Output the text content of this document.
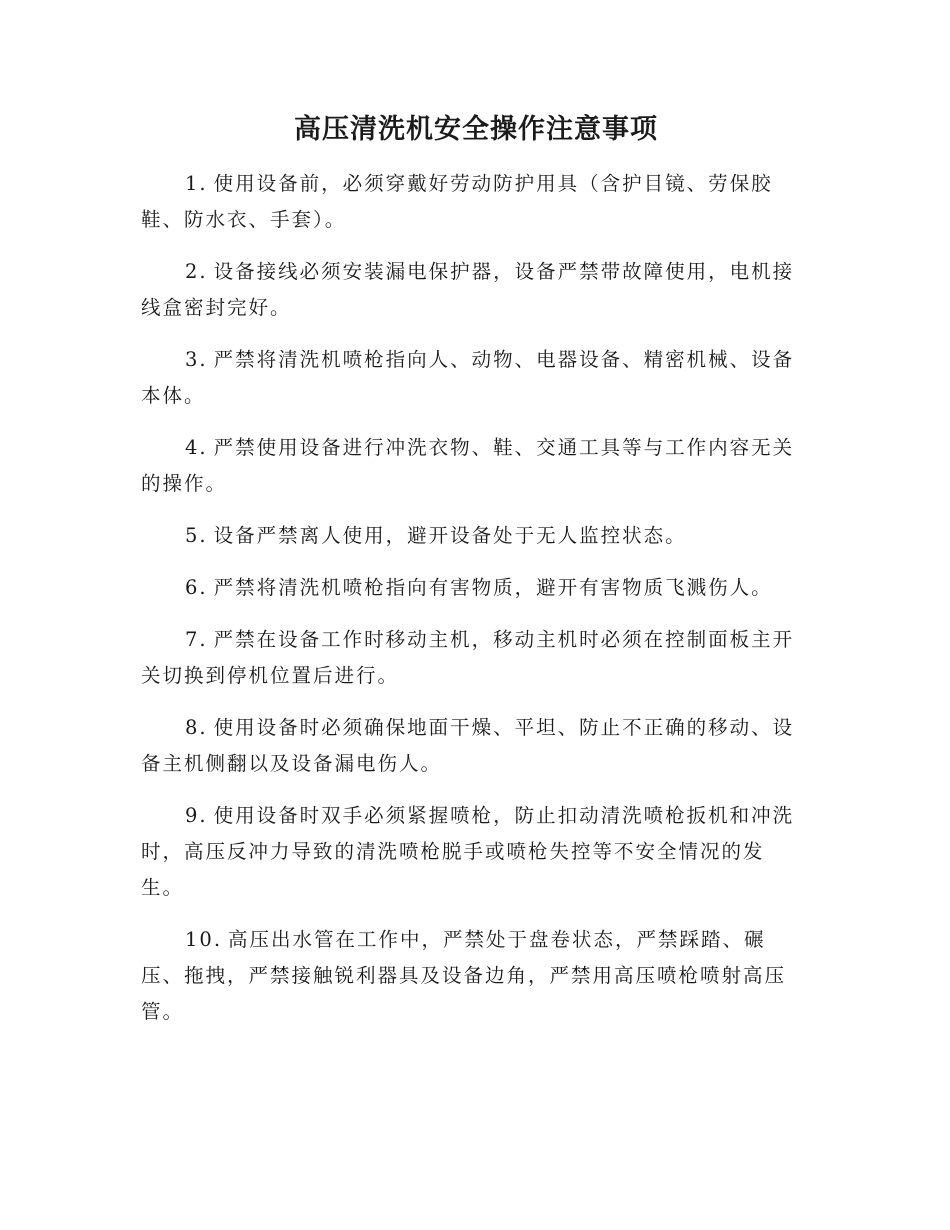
高压清洗机安全操作注意事项

1. 使用设备前，必须穿戴好劳动防护用具（含护目镜、劳保胶鞋、防水衣、手套）。

2. 设备接线必须安装漏电保护器，设备严禁带故障使用，电机接线盒密封完好。

3. 严禁将清洗机喷枪指向人、动物、电器设备、精密机械、设备本体。

4. 严禁使用设备进行冲洗衣物、鞋、交通工具等与工作内容无关的操作。

5. 设备严禁离人使用，避开设备处于无人监控状态。

6. 严禁将清洗机喷枪指向有害物质，避开有害物质飞溅伤人。

7. 严禁在设备工作时移动主机，移动主机时必须在控制面板主开关切换到停机位置后进行。

8. 使用设备时必须确保地面干燥、平坦、防止不正确的移动、设备主机侧翻以及设备漏电伤人。

9. 使用设备时双手必须紧握喷枪，防止扣动清洗喷枪扳机和冲洗时，高压反冲力导致的清洗喷枪脱手或喷枪失控等不安全情况的发生。

10. 高压出水管在工作中，严禁处于盘卷状态，严禁踩踏、碾压、拖拽，严禁接触锐利器具及设备边角，严禁用高压喷枪喷射高压管。
